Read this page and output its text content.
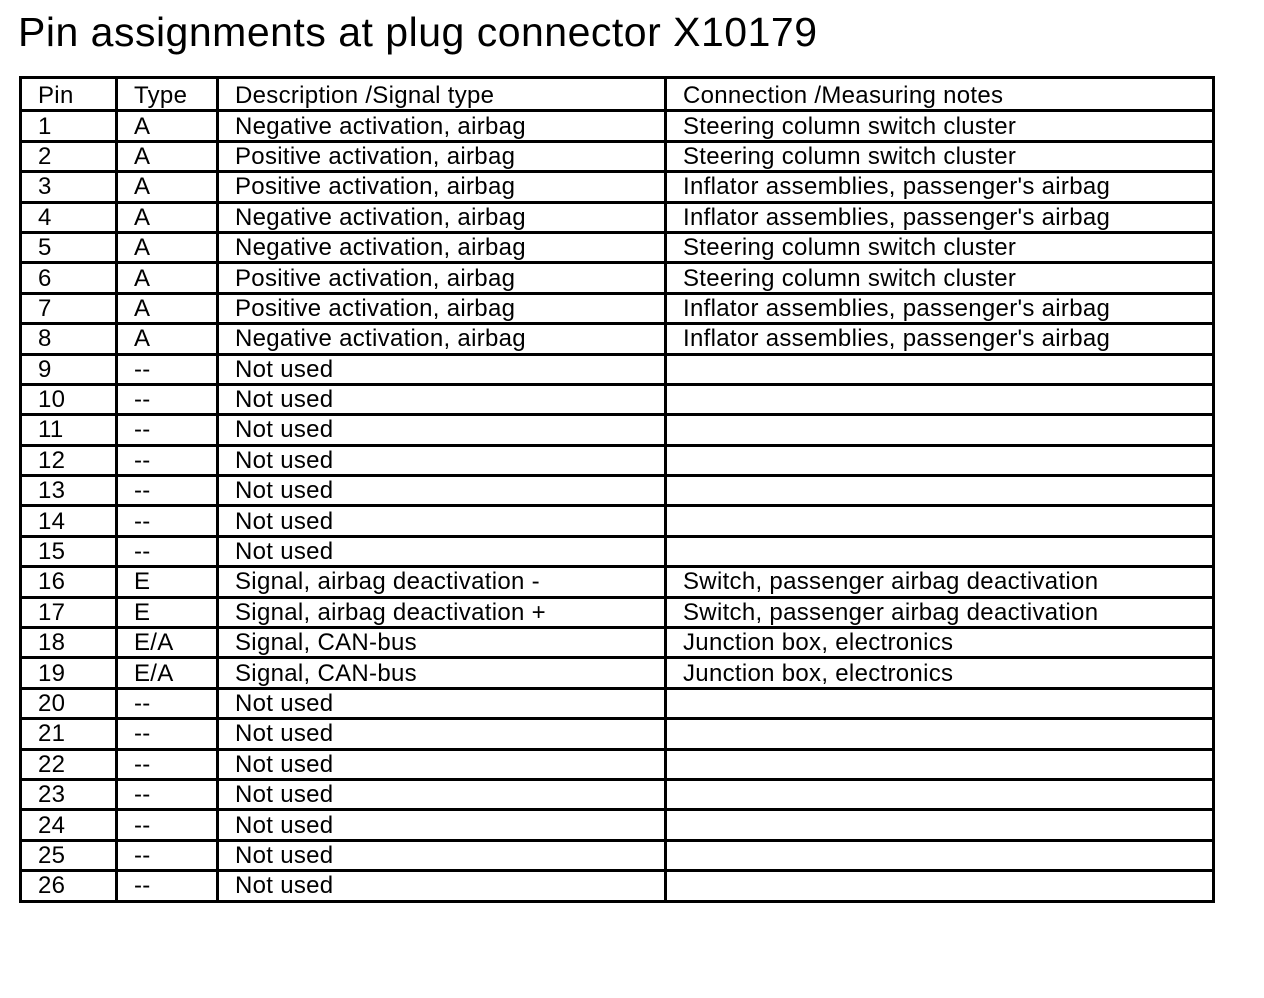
Pin assignments at plug connector X10179
Pin	Type	Description /Signal type	Connection /Measuring notes
1	A	Negative activation, airbag	Steering column switch cluster
2	A	Positive activation, airbag	Steering column switch cluster
3	A	Positive activation, airbag	Inflator assemblies, passenger's airbag
4	A	Negative activation, airbag	Inflator assemblies, passenger's airbag
5	A	Negative activation, airbag	Steering column switch cluster
6	A	Positive activation, airbag	Steering column switch cluster
7	A	Positive activation, airbag	Inflator assemblies, passenger's airbag
8	A	Negative activation, airbag	Inflator assemblies, passenger's airbag
9	--	Not used	
10	--	Not used	
11	--	Not used	
12	--	Not used	
13	--	Not used	
14	--	Not used	
15	--	Not used	
16	E	Signal, airbag deactivation -	Switch, passenger airbag deactivation
17	E	Signal, airbag deactivation +	Switch, passenger airbag deactivation
18	E/A	Signal, CAN-bus	Junction box, electronics
19	E/A	Signal, CAN-bus	Junction box, electronics
20	--	Not used	
21	--	Not used	
22	--	Not used	
23	--	Not used	
24	--	Not used	
25	--	Not used	
26	--	Not used	
